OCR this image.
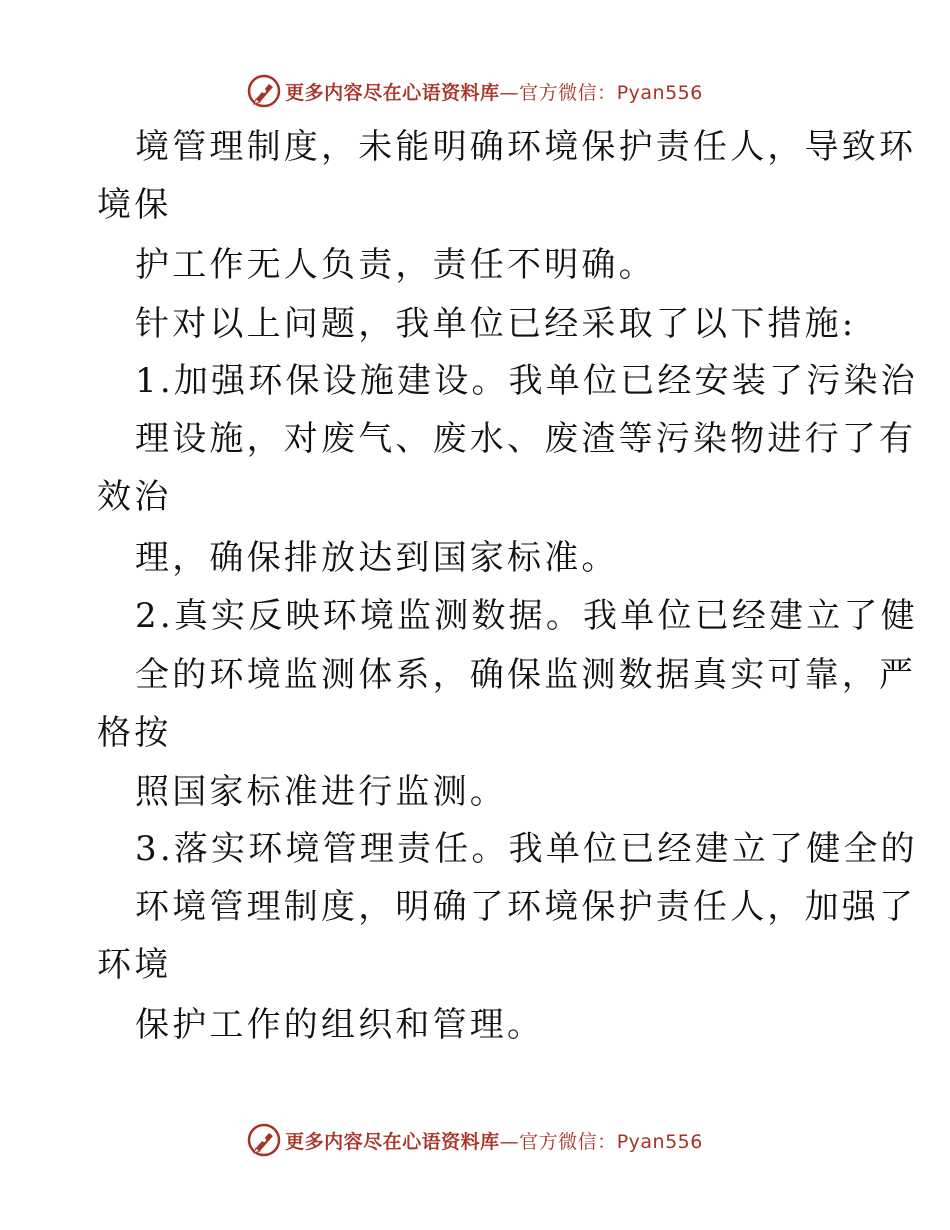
更多内容尽在心语资料库—官方微信：Pyan556
境管理制度，未能明确环境保护责任人，导致环
境保
护工作无人负责，责任不明确。
针对以上问题，我单位已经采取了以下措施:
1.加强环保设施建设。我单位已经安装了污染治
理设施，对废气、废水、废渣等污染物进行了有
效治
理，确保排放达到国家标准。
2.真实反映环境监测数据。我单位已经建立了健
全的环境监测体系，确保监测数据真实可靠，严
格按
照国家标准进行监测。
3.落实环境管理责任。我单位已经建立了健全的
环境管理制度，明确了环境保护责任人，加强了
环境
保护工作的组织和管理。
更多内容尽在心语资料库—官方微信：Pyan556
